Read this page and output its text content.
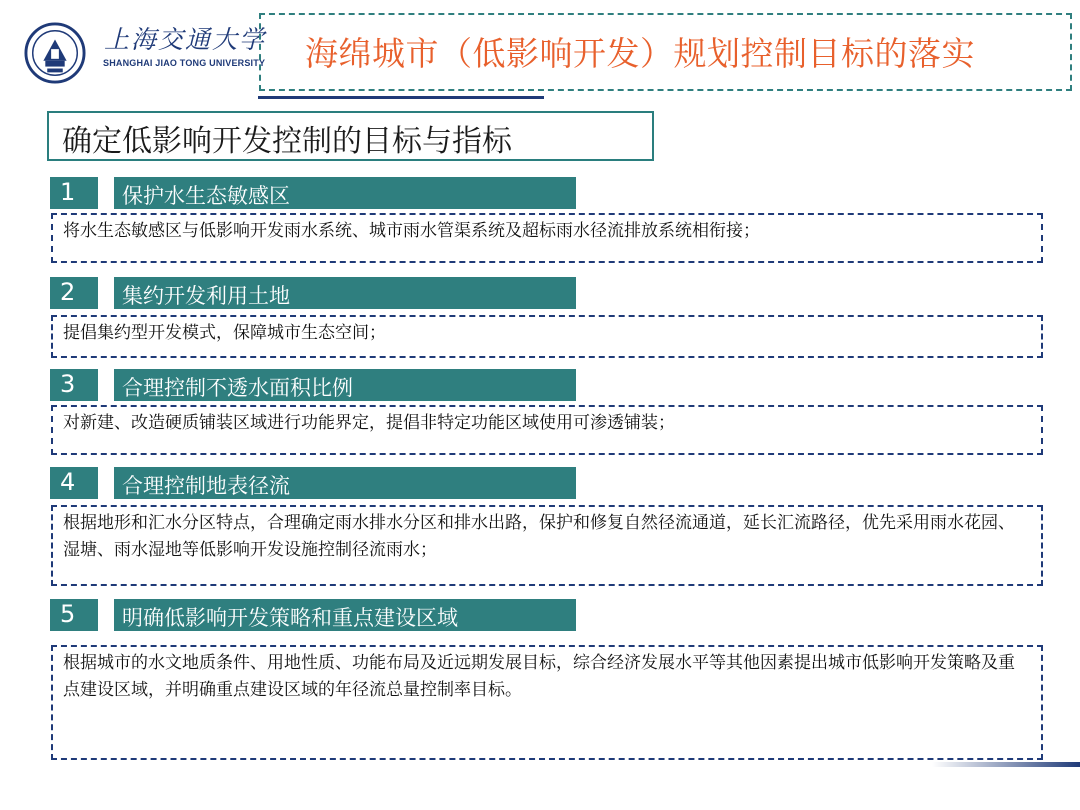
上海交通大学
SHANGHAI JIAO TONG UNIVERSITY 海绵城市（低影响开发）规划控制目标的落实
确定低影响开发控制的目标与指标
1 保护水生态敏感区
将水生态敏感区与低影响开发雨水系统、城市雨水管渠系统及超标雨水径流排放系统相衔接；
2 集约开发利用土地
提倡集约型开发模式，保障城市生态空间；
3 合理控制不透水面积比例
对新建、改造硬质铺装区域进行功能界定，提倡非特定功能区域使用可渗透铺装；
4 合理控制地表径流
根据地形和汇水分区特点，合理确定雨水排水分区和排水出路，保护和修复自然径流通道，延长汇流路径，优先采用雨水花园、湿塘、雨水湿地等低影响开发设施控制径流雨水；
5 明确低影响开发策略和重点建设区域
根据城市的水文地质条件、用地性质、功能布局及近远期发展目标，综合经济发展水平等其他因素提出城市低影响开发策略及重点建设区域，并明确重点建设区域的年径流总量控制率目标。
